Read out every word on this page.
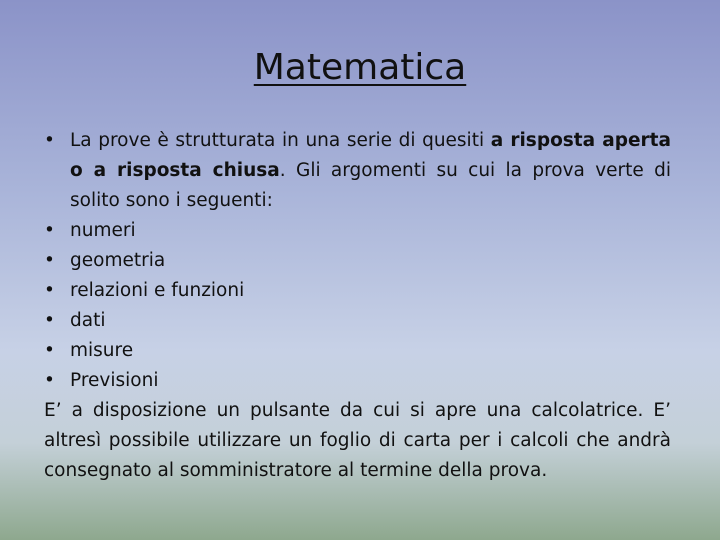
Matematica
• La prove è strutturata in una serie di quesiti a risposta aperta o a risposta chiusa. Gli argomenti su cui la prova verte di solito sono i seguenti:
• numeri
• geometria
• relazioni e funzioni
• dati
• misure
• Previsioni
E’ a disposizione un pulsante da cui si apre una calcolatrice. E’ altresì possibile utilizzare un foglio di carta per i calcoli che andrà consegnato al somministratore al termine della prova.
